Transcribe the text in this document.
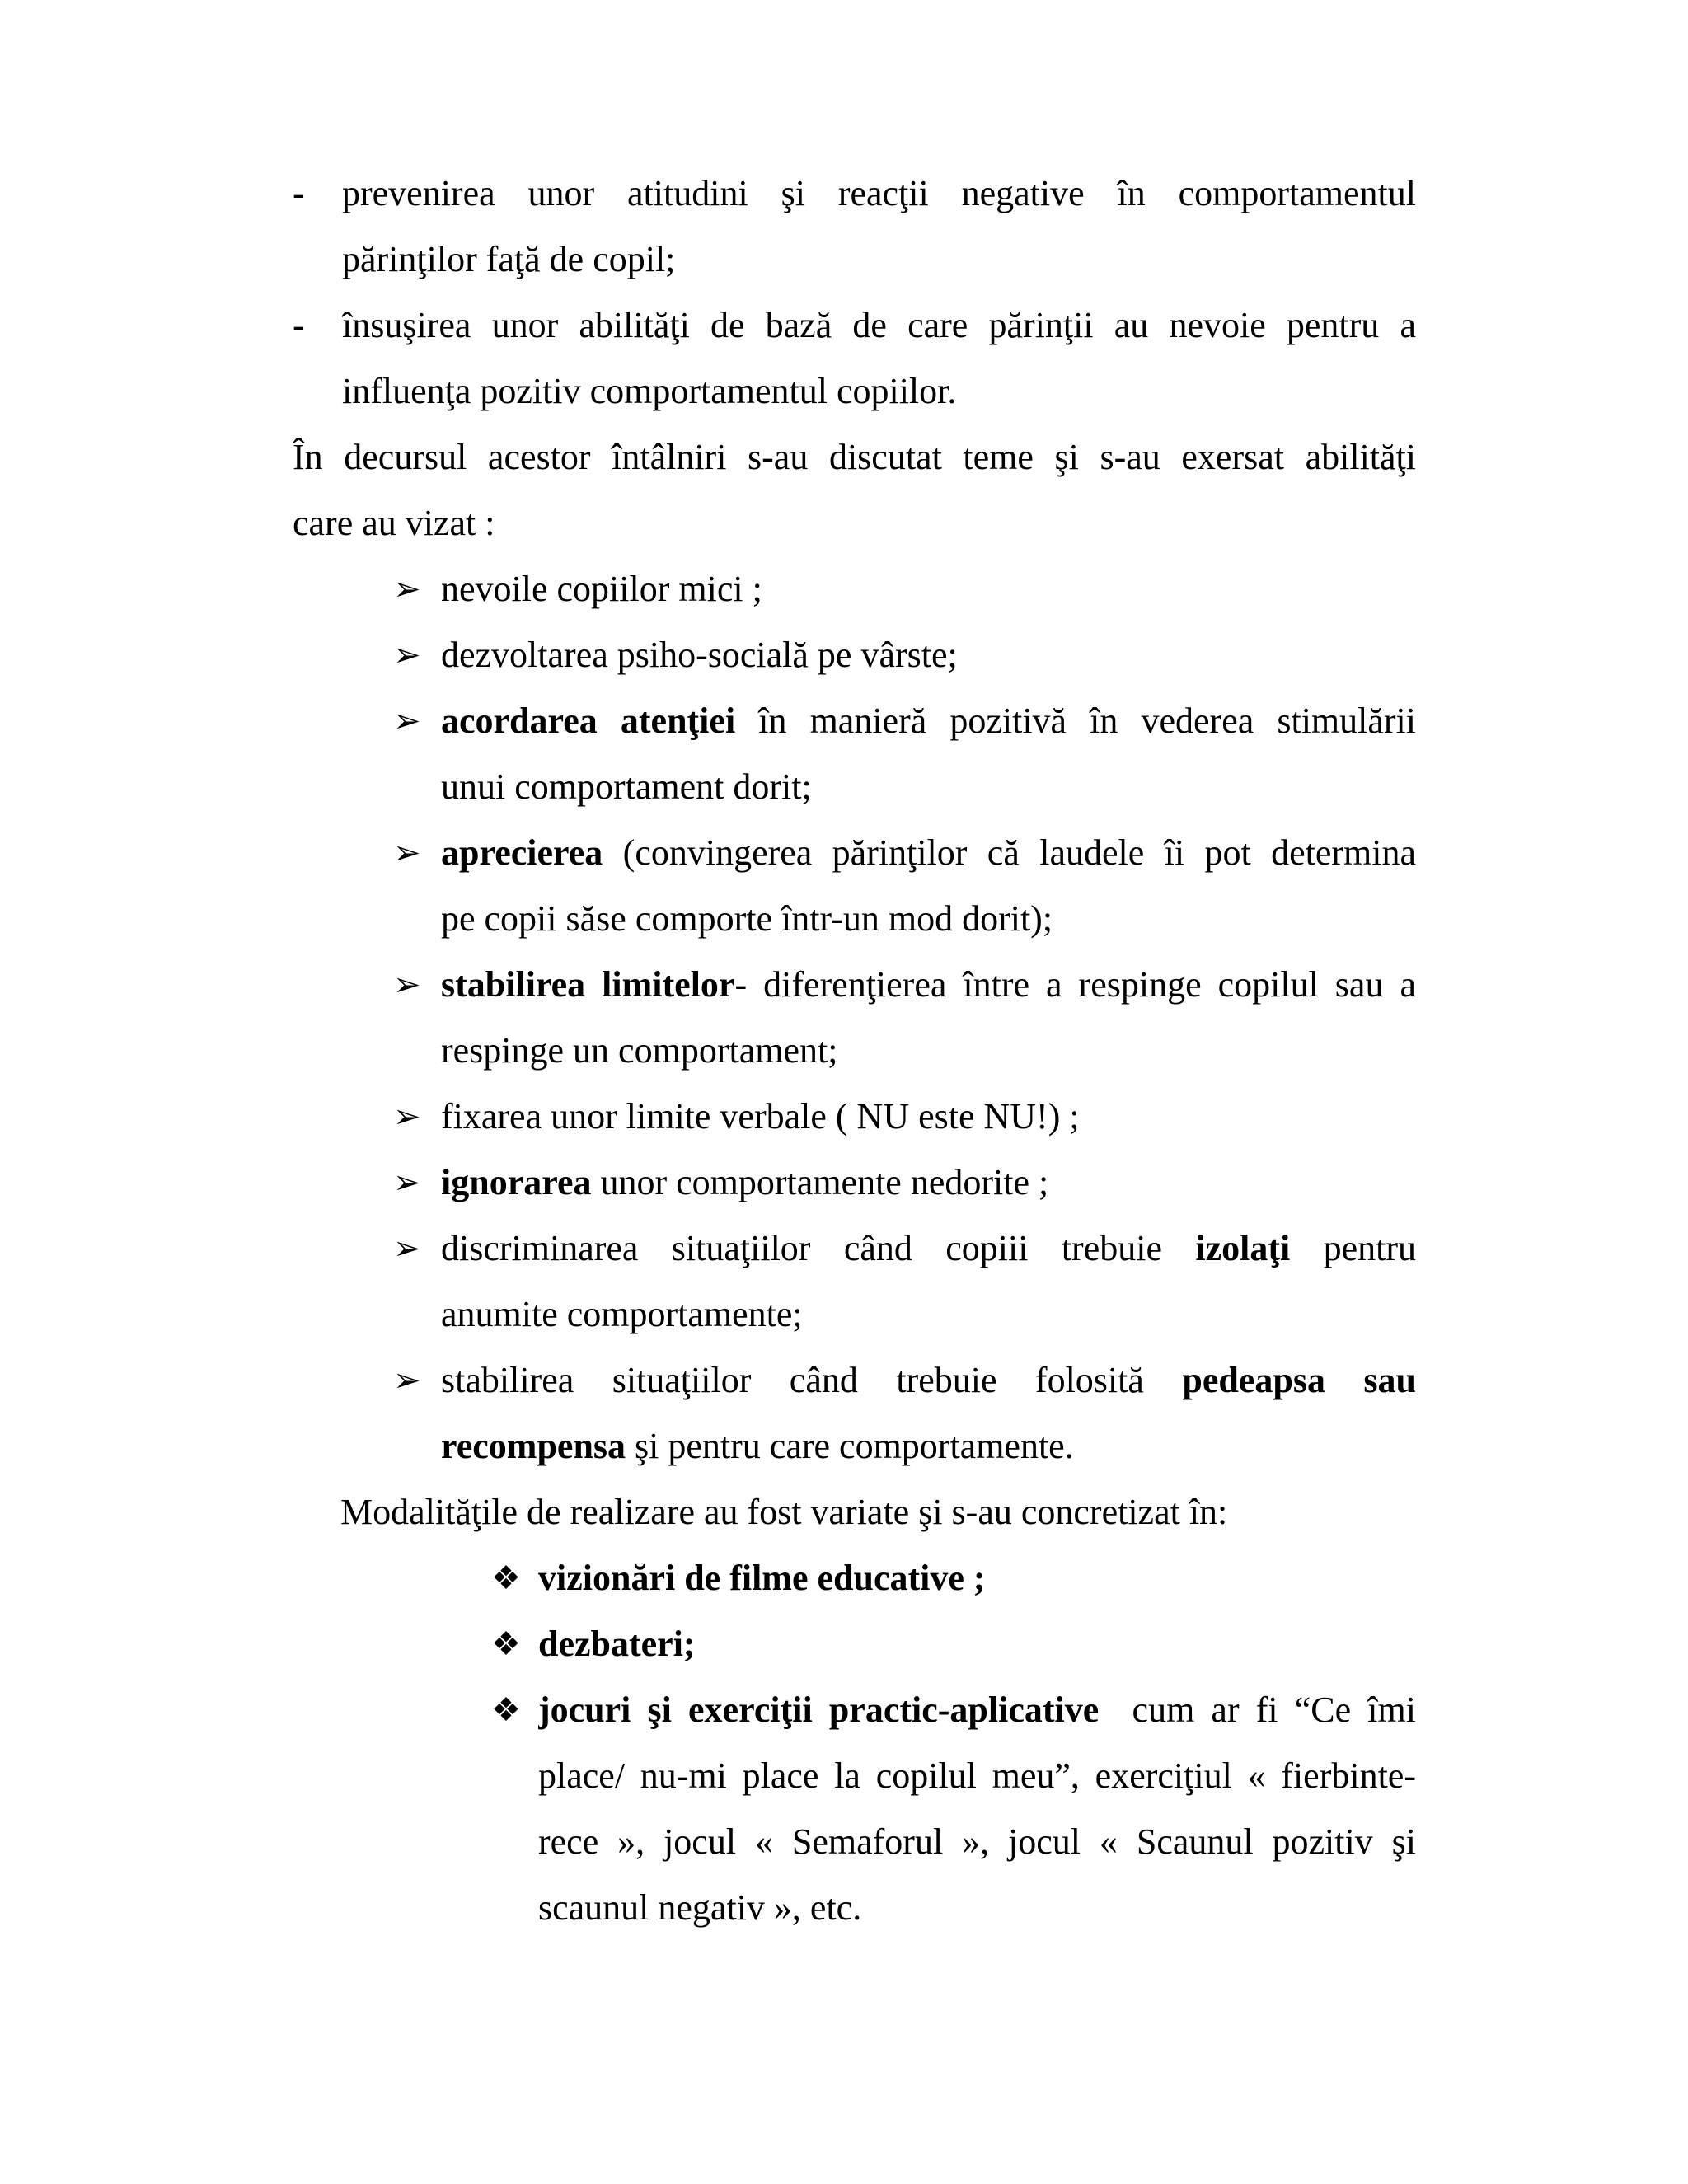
- prevenirea unor atitudini şi reacţii negative în comportamentul
părinţilor faţă de copil;
- însuşirea unor abilităţi de bază de care părinţii au nevoie pentru a
influenţa pozitiv comportamentul copiilor.
În decursul acestor întâlniri s-au discutat teme şi s-au exersat abilităţi
care au vizat :
➢ nevoile copiilor mici ;
➢ dezvoltarea psiho-socială pe vârste;
➢ acordarea atenţiei în manieră pozitivă în vederea stimulării
unui comportament dorit;
➢ aprecierea (convingerea părinţilor că laudele îi pot determina
pe copii săse comporte într-un mod dorit);
➢ stabilirea limitelor- diferenţierea între a respinge copilul sau a
respinge un comportament;
➢ fixarea unor limite verbale ( NU este NU!) ;
➢ ignorarea unor comportamente nedorite ;
➢ discriminarea situaţiilor când copiii trebuie izolaţi pentru
anumite comportamente;
➢ stabilirea situaţiilor când trebuie folosită pedeapsa sau
recompensa şi pentru care comportamente.
Modalităţile de realizare au fost variate şi s-au concretizat în:
❖ vizionări de filme educative ;
❖ dezbateri;
❖ jocuri şi exerciţii practic-aplicative  cum ar fi “Ce îmi
place/ nu-mi place la copilul meu”, exerciţiul « fierbinte-
rece », jocul « Semaforul », jocul « Scaunul pozitiv şi
scaunul negativ », etc.
